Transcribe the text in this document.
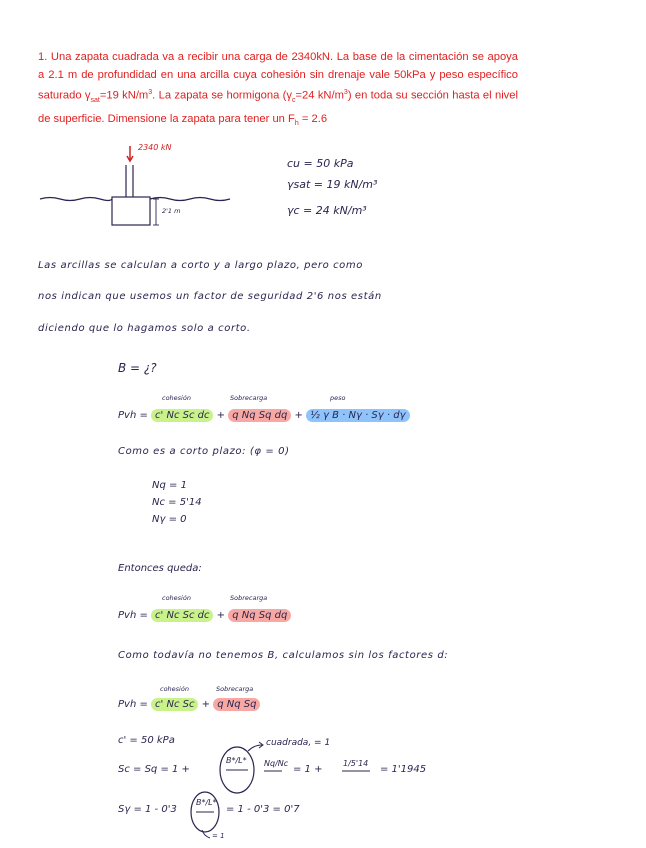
1. Una zapata cuadrada va a recibir una carga de 2340kN. La base de la cimentación se apoya a 2.1 m de profundidad en una arcilla cuya cohesión sin drenaje vale 50kPa y peso específico saturado $\gamma_{sat}=19$ $kN/m^3$. La zapata se hormigona ($\gamma_c=24$ $kN/m^3$) en toda su sección hasta el nivel de superficie. Dimensione la zapata para tener un $F_h = 2.6$
2340 kN
2'1 m
cu = 50 kPa
γsat = 19 kN/m³
γc = 24 kN/m³
Las arcillas se calculan a corto y a largo plazo, pero como
nos indican que usemos un factor de seguridad 2'6 nos están
diciendo que lo hagamos solo a corto.
B = ¿?
cohesión	Sobrecarga	peso
Pvh = c' Nc Sc dc + q Nq Sq dq + ½ γ B · Nγ · Sγ · dγ
Como es a corto plazo: (φ = 0)
Nq = 1
Nc = 5'14
Nγ = 0
Entonces queda:
cohesión	Sobrecarga
Pvh = c' Nc Sc dc + q Nq Sq dq
Como todavía no tenemos B, calculamos sin los factores d:
cohesión	Sobrecarga
Pvh = c' Nc Sc + q Nq Sq
c' = 50 kPa	cuadrada, = 1
Sc = Sq = 1 +
B*/L* Nq/Nc
= 1 +
1/5'14
= 1'1945
Sγ = 1 - 0'3
B*/L*
= 1 - 0'3 = 0'7
= 1
